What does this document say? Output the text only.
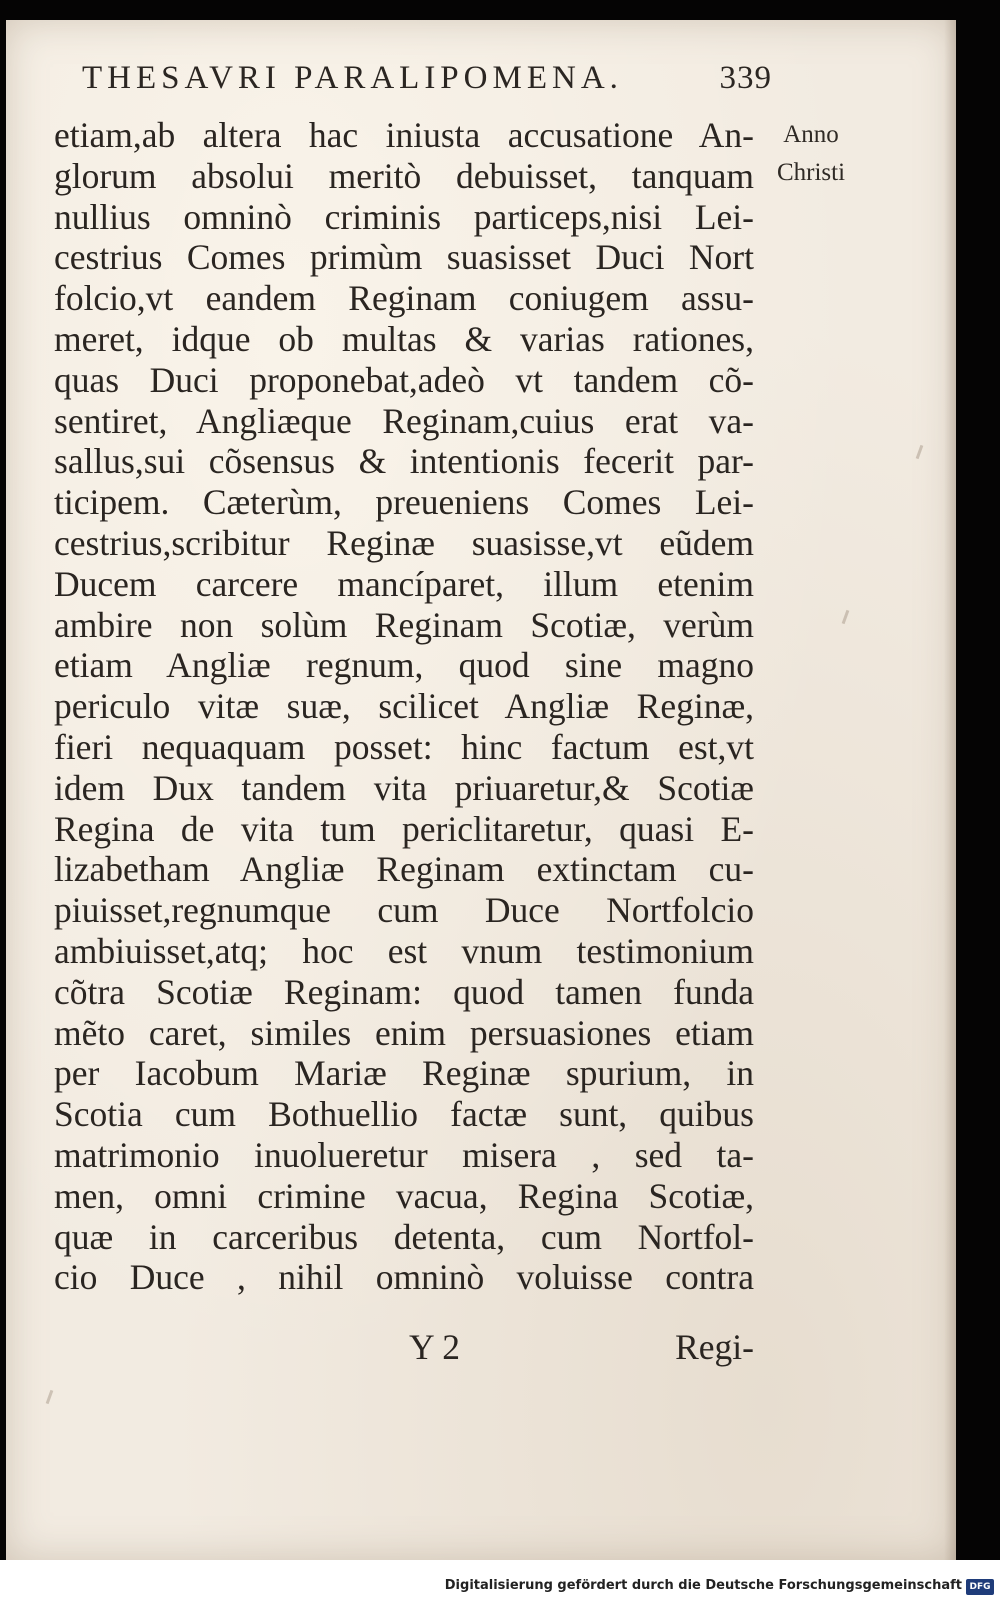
THESAVRI PARALIPOMENA.	339
Anno
Christi
etiam,ab altera hac iniusta accusatione An-
glorum absolui meritò debuisset, tanquam
nullius omninò criminis particeps,nisi Lei-
cestrius Comes primùm suasisset Duci Nort
folcio,vt eandem Reginam coniugem assu-
meret, idque ob multas & varias rationes,
quas Duci proponebat,adeò vt tandem cõ-
sentiret, Angliæque Reginam,cuius erat va-
sallus,sui cõsensus & intentionis fecerit par-
ticipem. Cæterùm, preueniens Comes Lei-
cestrius,scribitur Reginæ suasisse,vt eũdem
Ducem carcere mancíparet, illum etenim
ambire non solùm Reginam Scotiæ, verùm
etiam Angliæ regnum, quod sine magno
periculo vitæ suæ, scilicet Angliæ Reginæ,
fieri nequaquam posset: hinc factum est,vt
idem Dux tandem vita priuaretur,& Scotiæ
Regina de vita tum periclitaretur, quasi E-
lizabetham Angliæ Reginam extinctam cu-
piuisset,regnumque cum Duce Nortfolcio
ambiuisset,atq; hoc est vnum testimonium
cõtra Scotiæ Reginam: quod tamen funda
mẽto caret, similes enim persuasiones etiam
per Iacobum Mariæ Reginæ spurium, in
Scotia cum Bothuellio factæ sunt, quibus
matrimonio inuolueretur misera , sed ta-
men, omni crimine vacua, Regina Scotiæ,
quæ in carceribus detenta, cum Nortfol-
cio Duce , nihil omninò voluisse contra
Y 2	Regi-
Digitalisierung gefördert durch die Deutsche Forschungsgemeinschaft DFG
